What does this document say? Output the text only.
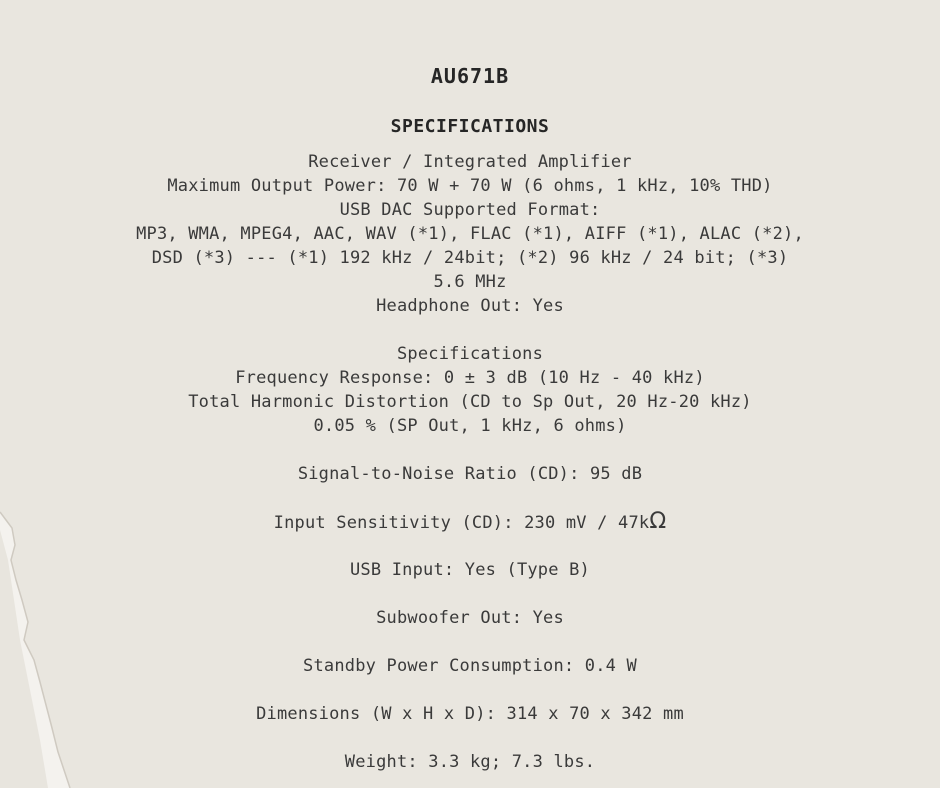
AU671B
SPECIFICATIONS
Receiver / Integrated Amplifier
Maximum Output Power: 70 W + 70 W (6 ohms, 1 kHz, 10% THD)
USB DAC Supported Format:
MP3, WMA, MPEG4, AAC, WAV (*1), FLAC (*1), AIFF (*1), ALAC (*2),
DSD (*3) --- (*1) 192 kHz / 24bit; (*2) 96 kHz / 24 bit; (*3)
5.6 MHz
Headphone Out: Yes
Specifications
Frequency Response: 0 ± 3 dB (10 Hz - 40 kHz)
Total Harmonic Distortion (CD to Sp Out, 20 Hz-20 kHz)
0.05 % (SP Out, 1 kHz, 6 ohms)
Signal-to-Noise Ratio (CD): 95 dB
Input Sensitivity (CD): 230 mV / 47kΩ
USB Input: Yes (Type B)
Subwoofer Out: Yes
Standby Power Consumption: 0.4 W
Dimensions (W x H x D): 314 x 70 x 342 mm
Weight: 3.3 kg; 7.3 lbs.
